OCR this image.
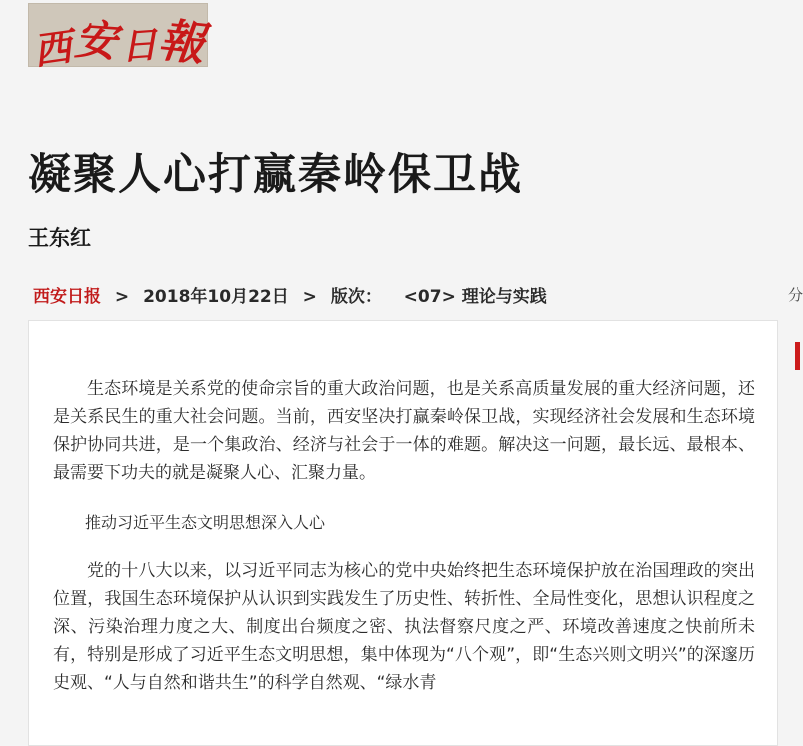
西
安 日
報
凝聚人心打赢秦岭保卫战
王东红
西安日报 > 2018年10月22日 > 版次： <07> 理论与实践	分

生态环境是关系党的使命宗旨的重大政治问题，也是关系高质量发展的重大经济问题，还是关系民生的重大社会问题。当前，西安坚决打赢秦岭保卫战，实现经济社会发展和生态环境保护协同共进，是一个集政治、经济与社会于一体的难题。解决这一问题，最长远、最根本、最需要下功夫的就是凝聚人心、汇聚力量。

推动习近平生态文明思想深入人心

党的十八大以来，以习近平同志为核心的党中央始终把生态环境保护放在治国理政的突出位置，我国生态环境保护从认识到实践发生了历史性、转折性、全局性变化，思想认识程度之深、污染治理力度之大、制度出台频度之密、执法督察尺度之严、环境改善速度之快前所未有，特别是形成了习近平生态文明思想，集中体现为“八个观”，即“生态兴则文明兴”的深邃历史观、“人与自然和谐共生”的科学自然观、“绿水青
